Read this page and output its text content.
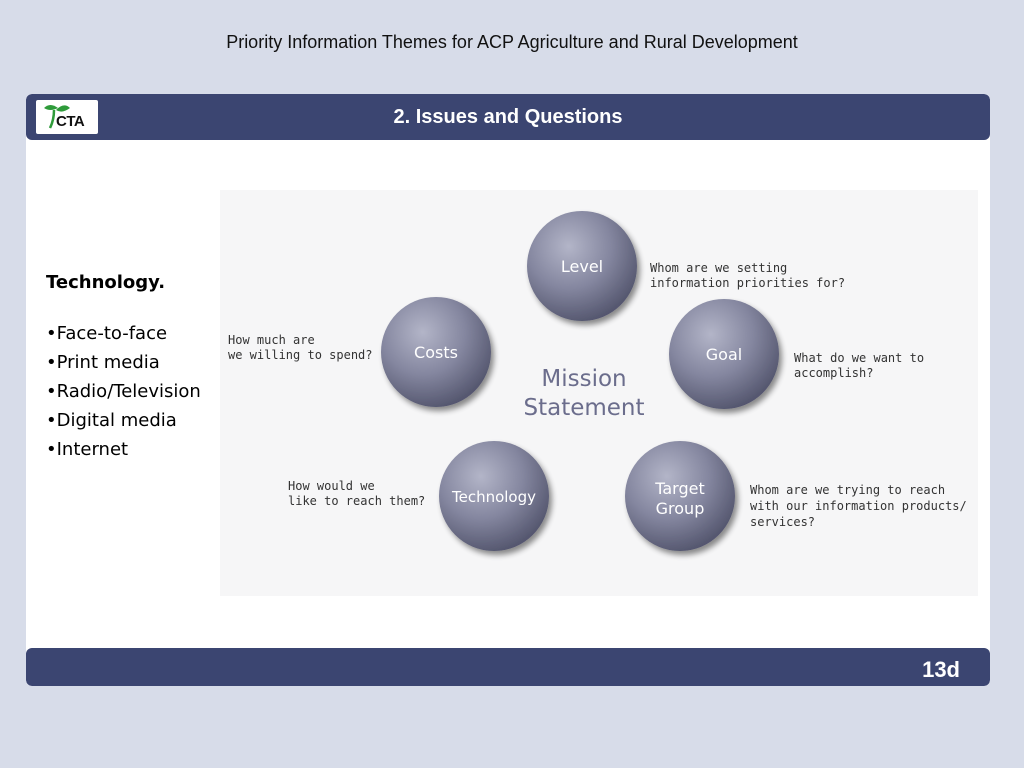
Priority Information Themes for ACP Agriculture and Rural Development
CTA	2. Issues and Questions
Technology.
•Face-to-face
•Print media
•Radio/Television
•Digital media
•Internet
Mission
Statement
Level	Whom are we setting
information priorities for?
Costs
How much are
we willing to spend?	Goal	What do we want to
accomplish?
Technology
How would we
like to reach them?
Target
Group
Whom are we trying to reach
with our information products/
services?
13d
